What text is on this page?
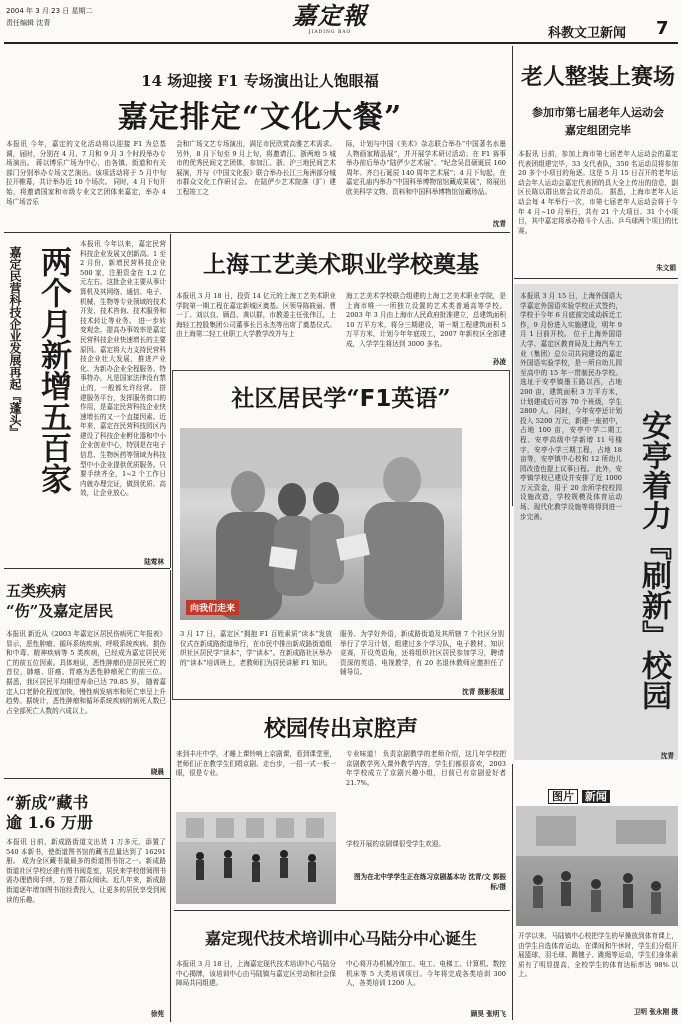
2004 年 3 月 23 日 星期二
责任编辑 沈青	嘉定報
JIADING BAO	科教文卫新闻 7
14 场迎接 F1 专场演出让人饱眼福
嘉定排定“文化大餐”
本报讯 今年，嘉定的文化活动将以迎接 F1 为总基调，届时，分别在 4 月、7 月和 9 月 3 个时段举办专场演出。 蒋以博乐广场为中心，由各镇、街道和有关部门分别举办专场文艺演出。该项活动将于 5 月中旬拉开帷幕，共计举办近 10 个场次。 同时，4 月下旬开始，将邀请国家和市级专业文艺团体来嘉定，举办 4 场广场音乐
会和广场文艺专场演出，满足市民欣赏高雅艺术需求。 另外，8 月下旬至 9 月上旬，将邀请江、浙两地 5 城市的优秀民间文艺团体，参加江、浙、沪三地民间艺术展演，并与《中国文化报》联合举办长江三角洲部分城市群众文化工作研讨会。 在陆俨少艺术院落（扩）建工程竣工之
际，计划与中国《美术》杂志联合举办“中国著名水墨人物画家精品展”，并开展学术研讨活动；在 F1 赛事举办前后举办“陆俨少艺术展”、“纪念吴昌硕诞辰 160 周年、齐白石诞辰 140 周年艺术展”；4 月下旬起，在嘉定孔庙内举办“中国科举博物馆馆藏成果展”，将展出欧美科学文物、资料和中国科举博物馆馆藏珍品。
沈青
老人整装上赛场
参加市第七届老年人运动会
嘉定组团完毕
本报讯 日前，参加上海市第七届老年人运动会的嘉定代表团组建完毕，33 支代表队，350 名运动员将参加 20 多个小项目的角逐。这是 5 月 15 日召开的老年运动会年人运动会嘉定代表团的具大全上传出的信息，副区长陈以群出席会议并动员。 据悉，上海市老年人运动会每 4 年举行一次，市第七届老年人运动会将于今年 4 月~10 月举行，共有 21 个大项目、31 个小项目，其中嘉定将承办格斗个人击、乒乓球两个项目的比赛。
朱文娟
嘉定民营科技企业发展再起『蓬头』 两个月新增五百家
本报讯 今年以来，嘉定民营科技企业发展又创新高。1 至 2 月份，新增民营科技企业 500 家，注册资金在 1.2 亿元左右。这批企业主要从事计算机及其网络、通信、电子、机械、生物等专业领域的技术开发、技术咨询、技术服务和技术转让等业务。 进一步转变观念，提高办事效率是嘉定民营科技企业快速增长的主要原因。嘉定将大力支持民营科技企业壮大发展，推进产业化、为新办企业全程服务、特事特办，凡是国家法律没有禁止的，一般都允许经营。 搭建服务平台，发挥服务窗口的作用，是嘉定民营科技企业快速增长的又一个直接因素。近年来，嘉定在民营科技园区内建设了科技企业孵化器和中小企业创业中心，特别是在电子信息、生物医药等领域为科技型中小企业提供优质服务。只要手续齐全，1~2 个工作日内就办理完证，做到优质、高效，让企业放心。
陆莺林
上海工艺美术职业学校奠基
本报讯 3 月 18 日，投资 14 亿元的上海工艺美术职业学院第一期工程在嘉定新城区奠基。区领导陈筱丽、曹一丁、刘以良、顾昌、龚以群，市教委主任张伟江，上海轻工控股集团公司董事长吕永杰等出席了奠基仪式。 由上海第二轻工业职工大学教学改并与上
海工艺美术学校联合组建的上海工艺美术职业学院，是上海市唯一一所独立设置的艺术类普通高等学校。2003 年 3 月由上海市人民政府批准建立，总建筑面积 10 万平方米，将分三期建设，第一期工程建筑面积 5 万平方米，计划今年年底竣工，2007 年新校区全部建成，入学学生将达到 3000 多名。
孙凌
社区居民学“F1英语”
向我们走来
3 月 17 日，嘉定区“拥抱 F1 百姓素质”读本“发放仪式在新成路街道举行，在市民中推出新成路街道组织社区居民学“读本”，学“读本”。在新成路社区举办的“读本”培训班上，老教师们为居民讲解 F1 知识。
服务、为学好外语，新成路街道及其所辖 7 个社区分别举行了学习计划，组建过多个学习队，电子教材、知识竞赛，开设英语角，还将组织社区居民参加学习，聘请资深的英语、电视教学，有 20 名退休教师应邀担任了辅导员。
沈青 摄影报道	安亭着力『刷新』校园
本报讯 3 月 15 日，上海外国语大学嘉定外国语实验学校正式签约，学校于今年 6 月底前完成动拆迁工作，9 月份进入实施建设，明年 9 月 1 日前开校。 位于上海外国语大学、嘉定区教育局及上海汽车工业（集团）总公司共同建设的嘉定外国语实验学校，是一所自幼儿园至高中的 15 年一贯制民办学校。选址于安亭镇墨玉路以西，占地 200 亩，建筑面积 3 万平方米，计划建成后可容 70 个班级，学生 2800 人。 同时，今年安亭还计划投入 5200 万元，新建一座初中，占地 100 亩，安亭中学二期工程、安亭高级中学新增 11 号楼宇，安亭小学三期工程，占地 18 亩等，安亭镇中心校和 12 所幼儿园改造也提上议事日程。 此外，安亭镇学校已建设并安排了近 1000 万元资金，用于 20 余所学校校园设施改造，学校规模及体育运动场、现代化教学设施等将得到进一步完善。
沈青
图片 新闻
开学以来，马陆镇中心校把学生的早操放到体育课上，由学生自选体育运动。在课间和午休时，学生们分组开展篮球、羽毛球、踢毽子、跳绳等运动，学生们身体素质有了明显提高，全校学生的体育达标率达 98% 以上。
卫明 张永刚 摄
五类疾病
“伤”及嘉定居民
本报讯 新近从《2003 年嘉定区居民伤病死亡年报表》显示，恶性肿瘤、循环系统疾病、呼吸系统疾病、损伤和中毒、精神疾病等 5 类疾病，已经成为嘉定居民死亡的前五位因素。具体地说，恶性肿瘤仍是居民死亡的首位，肺癌、肝癌、胃癌为恶性肿瘤死亡的前三位。 据悉，我区居民平均期望寿命已达 79.85 岁。 随着嘉定人口老龄化程度加快，慢性病发病率和死亡率呈上升趋势。据统计，恶性肿瘤和循环系统疾病的病死人数已占全部死亡人数的六成以上。
晓晨
“新成”藏书
逾 1.6 万册
本报讯 日前，新成路街道文出货 1 万多元，添置了 540 本新书，使街道图书馆的藏书总量达到了 16291 册。 成为全区藏书量最多的街道图书馆之一。新成路街道社区学校还建有图书阅览室，居民来学校借阅图书需办理借阅手续，方便了群众阅读。近几年来，新成路街道逐年增加图书馆经费投入，让更多的居民享受到阅读的乐趣。
徐苑
校园传出京腔声
来到丰庄中学，才睡上课铃响上京剧课，看到课堂里，老师们正在教学生们唱京剧、走台步，一招一式一板一眼，很是专业。
专业味道！ 负责京剧教学的老师介绍，这几年学校把京剧教学列入课外教学内容，学生们都很喜欢，2003 年学校成立了京剧兴趣小组，目前已有京剧爱好者 21.7%。
学校开展的京剧课很受学生欢迎。
图为在北中学学生正在练习京剧基本功 沈青/文 郭振标/摄
嘉定现代技术培训中心马陆分中心诞生
本报讯 3 月 18 日，上海嘉定现代技术培训中心马陆分中心揭牌，该培训中心由马陆镇与嘉定区劳动和社会保障局共同组建。
中心将开办机械冷加工、电工、电梯工、计算机、数控机床等 5 大类培训项目。今年将完成各类培训 300 人，各类培训 1200 人。
顾昊 张明飞
